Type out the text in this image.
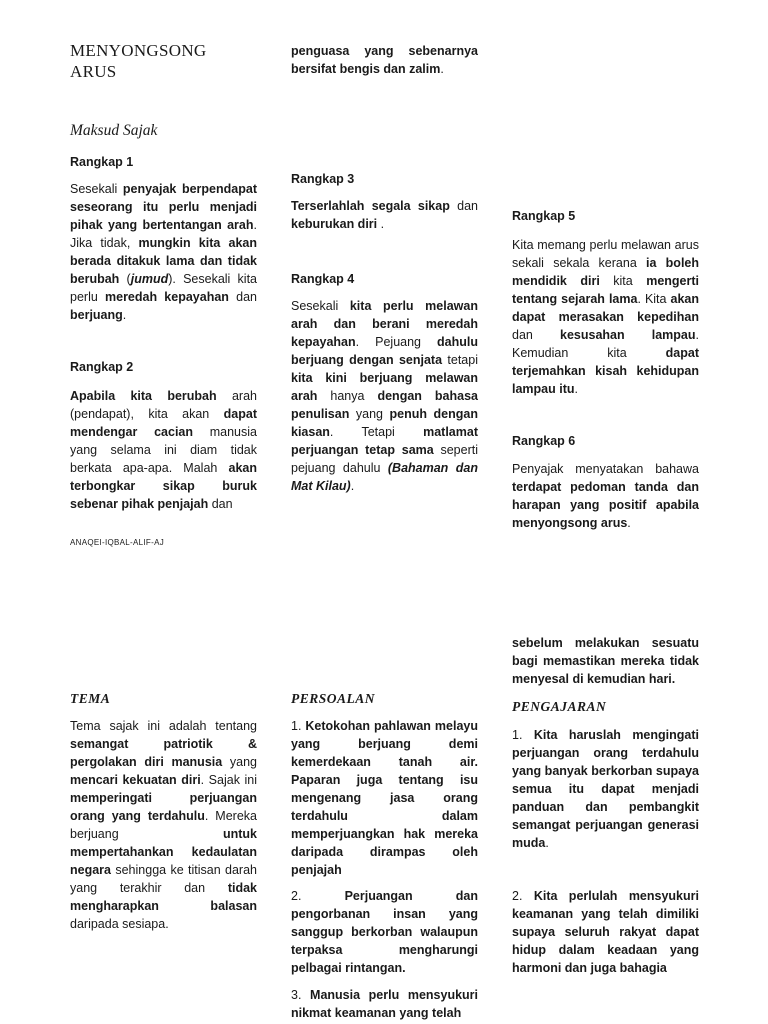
MENYONGSONG
ARUS
Maksud Sajak
Rangkap 1
Sesekali penyajak berpendapat seseorang itu perlu menjadi pihak yang bertentangan arah. Jika tidak, mungkin kita akan berada ditakuk lama dan tidak berubah (jumud). Sesekali kita perlu meredah kepayahan dan berjuang.
Rangkap 2
Apabila kita berubah arah (pendapat), kita akan dapat mendengar cacian manusia yang selama ini diam tidak berkata apa-apa. Malah akan terbongkar sikap buruk sebenar pihak penjajah dan
ANAQEI-IQBAL-ALIF-AJ
penguasa yang sebenarnya bersifat bengis dan zalim.
Rangkap 3
Terserlahlah segala sikap dan keburukan diri .
Rangkap 4
Sesekali kita perlu melawan arah dan berani meredah kepayahan. Pejuang dahulu berjuang dengan senjata tetapi kita kini berjuang melawan arah hanya dengan bahasa penulisan yang penuh dengan kiasan. Tetapi matlamat perjuangan tetap sama seperti pejuang dahulu (Bahaman dan Mat Kilau).
Rangkap 5
Kita memang perlu melawan arus sekali sekala kerana ia boleh mendidik diri kita mengerti tentang sejarah lama. Kita akan dapat merasakan kepedihan dan kesusahan lampau. Kemudian kita dapat terjemahkan kisah kehidupan lampau itu.
Rangkap 6
Penyajak menyatakan bahawa terdapat pedoman tanda dan harapan yang positif apabila menyongsong arus.
TEMA
Tema sajak ini adalah tentang semangat patriotik & pergolakan diri manusia yang mencari kekuatan diri. Sajak ini memperingati perjuangan orang yang terdahulu. Mereka berjuang untuk mempertahankan kedaulatan negara sehingga ke titisan darah yang terakhir dan tidak mengharapkan balasan daripada sesiapa.
PERSOALAN
1. Ketokohan pahlawan melayu yang berjuang demi kemerdekaan tanah air. Paparan juga tentang isu mengenang jasa orang terdahulu dalam memperjuangkan hak mereka daripada dirampas oleh penjajah
2. Perjuangan dan pengorbanan insan yang sanggup berkorban walaupun terpaksa mengharungi pelbagai rintangan.
3. Manusia perlu mensyukuri nikmat keamanan yang telah
sebelum melakukan sesuatu bagi memastikan mereka tidak menyesal di kemudian hari.
PENGAJARAN
1. Kita haruslah mengingati perjuangan orang terdahulu yang banyak berkorban supaya semua itu dapat menjadi panduan dan pembangkit semangat perjuangan generasi muda.
2. Kita perlulah mensyukuri keamanan yang telah dimiliki supaya seluruh rakyat dapat hidup dalam keadaan yang harmoni dan juga bahagia
